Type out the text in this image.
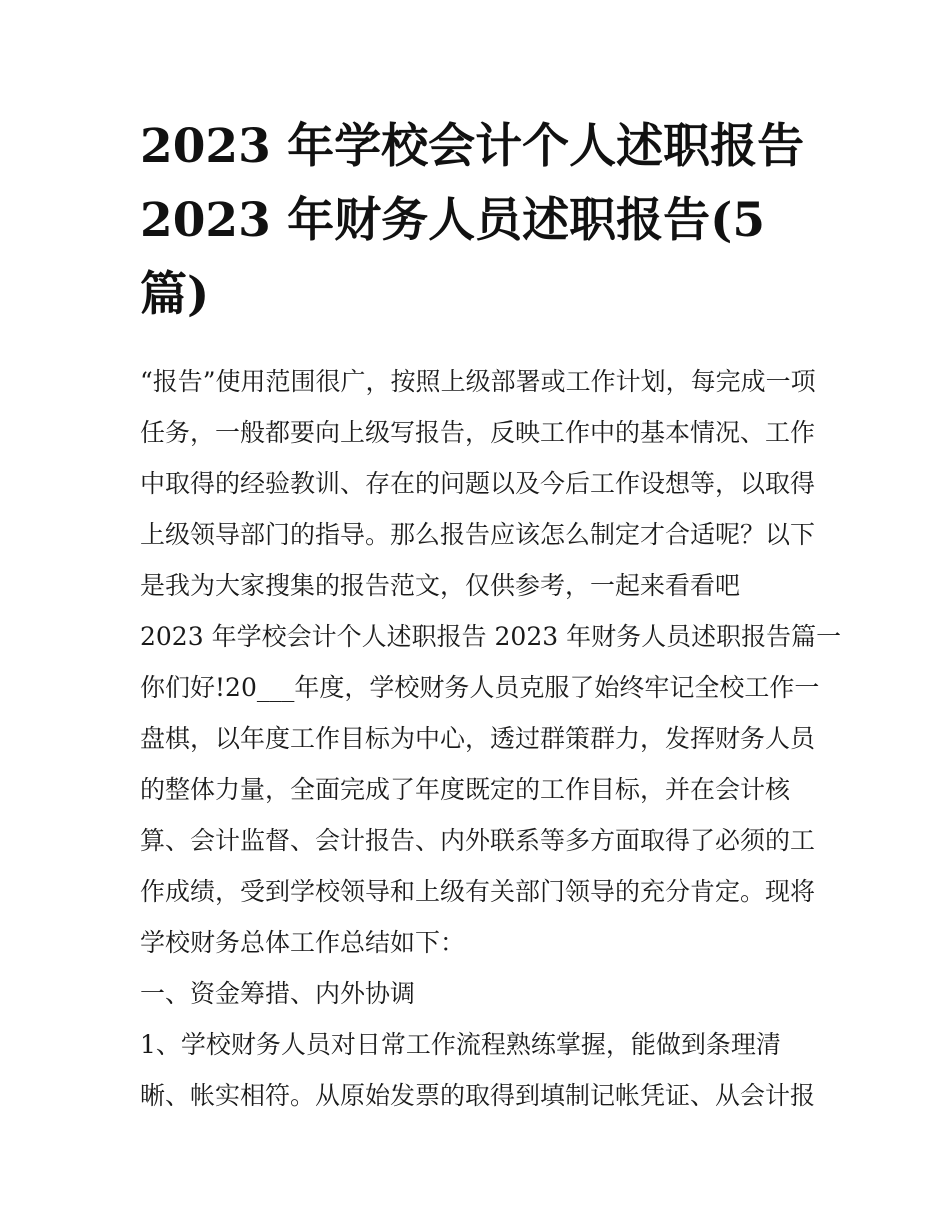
2023 年学校会计个人述职报告
2023 年财务人员述职报告(5
篇)
“报告”使用范围很广，按照上级部署或工作计划，每完成一项
任务，一般都要向上级写报告，反映工作中的基本情况、工作
中取得的经验教训、存在的问题以及今后工作设想等，以取得
上级领导部门的指导。那么报告应该怎么制定才合适呢？以下
是我为大家搜集的报告范文，仅供参考，一起来看看吧
2023 年学校会计个人述职报告 2023 年财务人员述职报告篇一
你们好!20___年度，学校财务人员克服了始终牢记全校工作一
盘棋，以年度工作目标为中心，透过群策群力，发挥财务人员
的整体力量，全面完成了年度既定的工作目标，并在会计核
算、会计监督、会计报告、内外联系等多方面取得了必须的工
作成绩，受到学校领导和上级有关部门领导的充分肯定。现将
学校财务总体工作总结如下：
一、资金筹措、内外协调
1、学校财务人员对日常工作流程熟练掌握，能做到条理清
晰、帐实相符。从原始发票的取得到填制记帐凭证、从会计报
